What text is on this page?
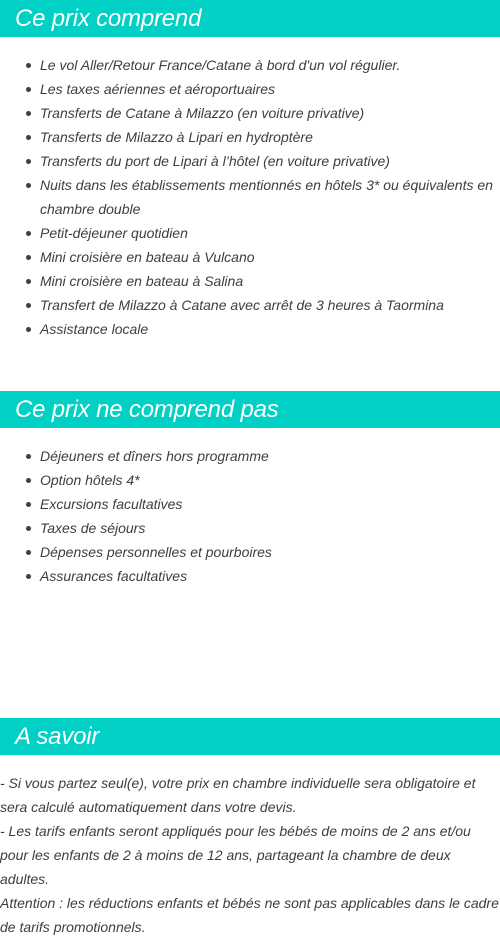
Ce prix comprend
Le vol Aller/Retour France/Catane à bord d'un vol régulier.
Les taxes aériennes et aéroportuaires
Transferts de Catane à Milazzo (en voiture privative)
Transferts de Milazzo à Lipari en hydroptère
Transferts du port de Lipari à l’hôtel (en voiture privative)
Nuits dans les établissements mentionnés en hôtels 3* ou équivalents en chambre double
Petit-déjeuner quotidien
Mini croisière en bateau à Vulcano
Mini croisière en bateau à Salina
Transfert de Milazzo à Catane avec arrêt de 3 heures à Taormina
Assistance locale
Ce prix ne comprend pas
Déjeuners et dîners hors programme
Option hôtels 4*
Excursions facultatives
Taxes de séjours
Dépenses personnelles et pourboires
Assurances facultatives
A savoir

- Si vous partez seul(e), votre prix en chambre individuelle sera obligatoire et sera calculé automatiquement dans votre devis.

- Les tarifs enfants seront appliqués pour les bébés de moins de 2 ans et/ou pour les enfants de 2 à moins de 12 ans, partageant la chambre de deux adultes.

Attention : les réductions enfants et bébés ne sont pas applicables dans le cadre de tarifs promotionnels.
